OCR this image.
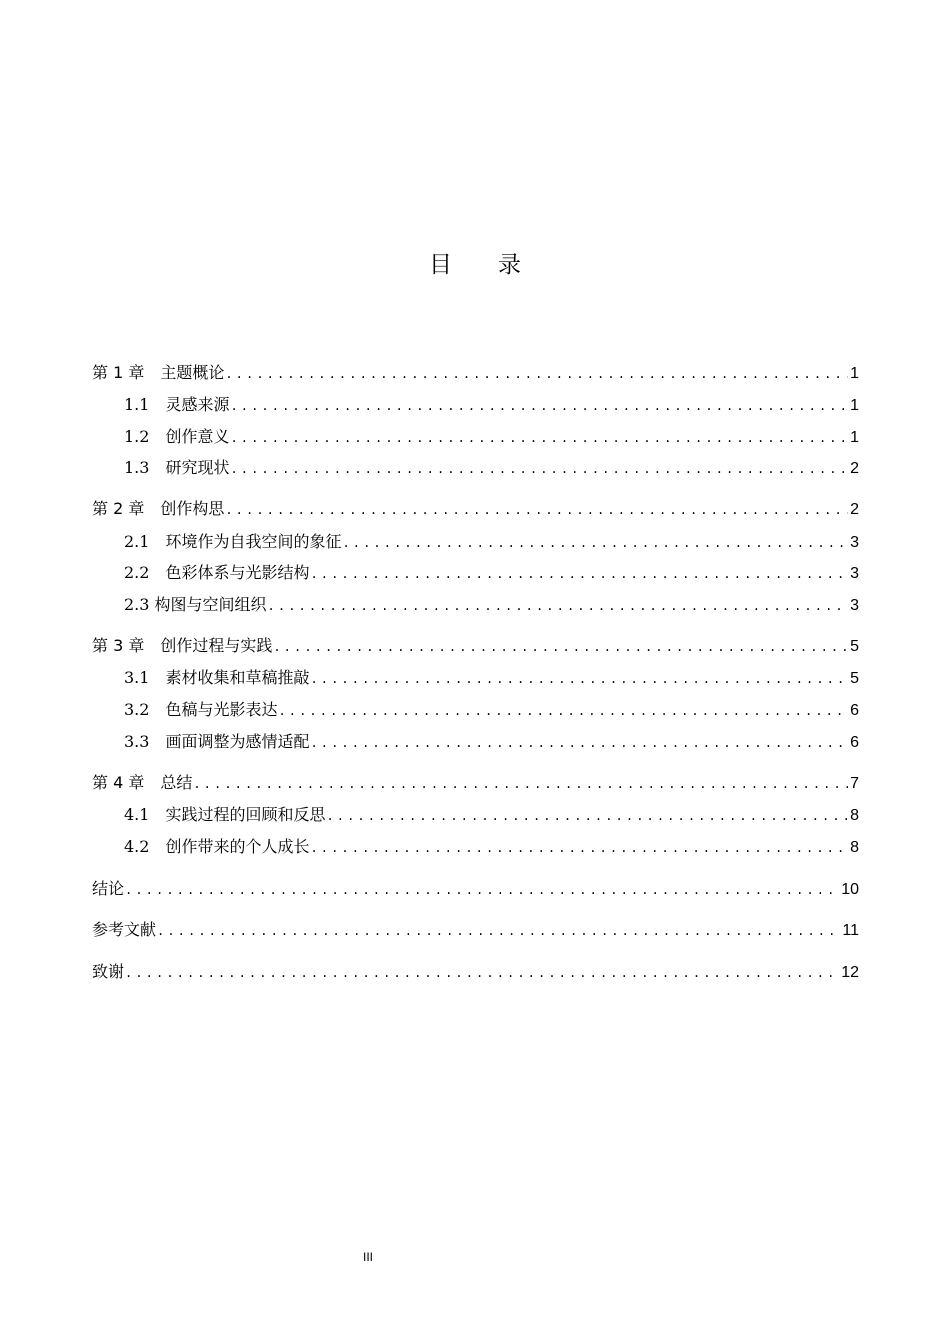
目录
第 1 章　主题概论 .....	1
1.1　灵感来源 .....	1
1.2　创作意义 .....	1
1.3　研究现状 .....	2
第 2 章　创作构思 .....	2
2.1　环境作为自我空间的象征 .....	3
2.2　色彩体系与光影结构 .....	3
2.3 构图与空间组织 .....	3
第 3 章　创作过程与实践 .....	5
3.1　素材收集和草稿推敲 .....	5
3.2　色稿与光影表达 .....	6
3.3　画面调整为感情适配 .....	6
第 4 章　总结 .....	7
4.1　实践过程的回顾和反思 .....	8
4.2　创作带来的个人成长 .....	8
结论 .....	10
参考文献 .....	11
致谢 .....	12
III
